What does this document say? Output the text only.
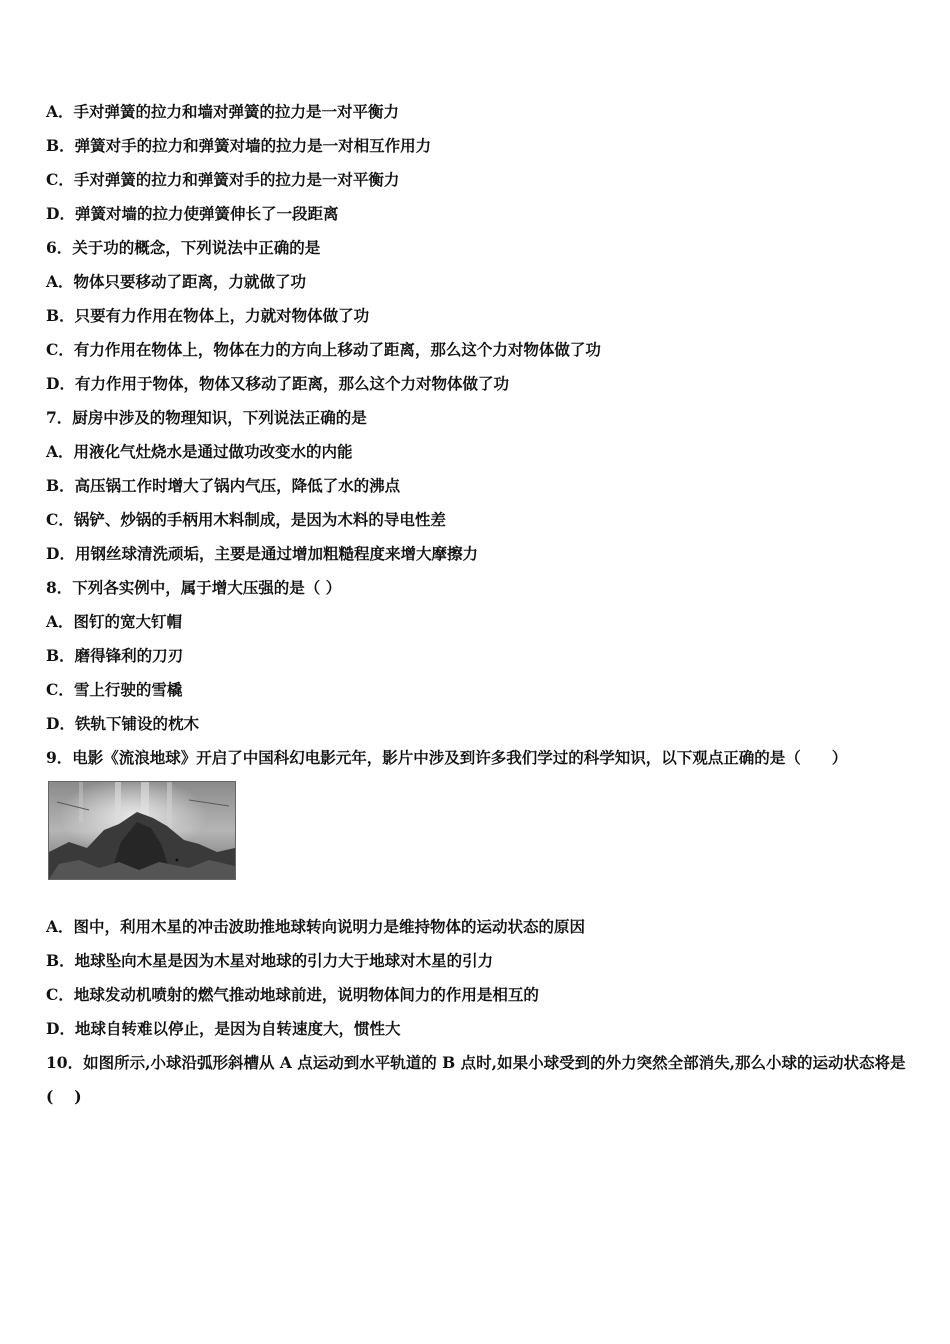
A．手对弹簧的拉力和墙对弹簧的拉力是一对平衡力
B．弹簧对手的拉力和弹簧对墙的拉力是一对相互作用力
C．手对弹簧的拉力和弹簧对手的拉力是一对平衡力
D．弹簧对墙的拉力使弹簧伸长了一段距离
6．关于功的概念，下列说法中正确的是
A．物体只要移动了距离，力就做了功
B．只要有力作用在物体上，力就对物体做了功
C．有力作用在物体上，物体在力的方向上移动了距离，那么这个力对物体做了功
D．有力作用于物体，物体又移动了距离，那么这个力对物体做了功
7．厨房中涉及的物理知识，下列说法正确的是
A．用液化气灶烧水是通过做功改变水的内能
B．高压锅工作时增大了锅内气压，降低了水的沸点
C．锅铲、炒锅的手柄用木料制成，是因为木料的导电性差
D．用钢丝球清洗顽垢，主要是通过增加粗糙程度来增大摩擦力
8．下列各实例中，属于增大压强的是（ ）
A．图钉的宽大钉帽
B．磨得锋利的刀刃
C．雪上行驶的雪橇
D．铁轨下铺设的枕木
9．电影《流浪地球》开启了中国科幻电影元年，影片中涉及到许多我们学过的科学知识，以下观点正确的是（　　）
A．图中，利用木星的冲击波助推地球转向说明力是维持物体的运动状态的原因
B．地球坠向木星是因为木星对地球的引力大于地球对木星的引力
C．地球发动机喷射的燃气推动地球前进，说明物体间力的作用是相互的
D．地球自转难以停止，是因为自转速度大，惯性大
10．如图所示,小球沿弧形斜槽从 A 点运动到水平轨道的 B 点时,如果小球受到的外力突然全部消失,那么小球的运动状态将是(　 )
